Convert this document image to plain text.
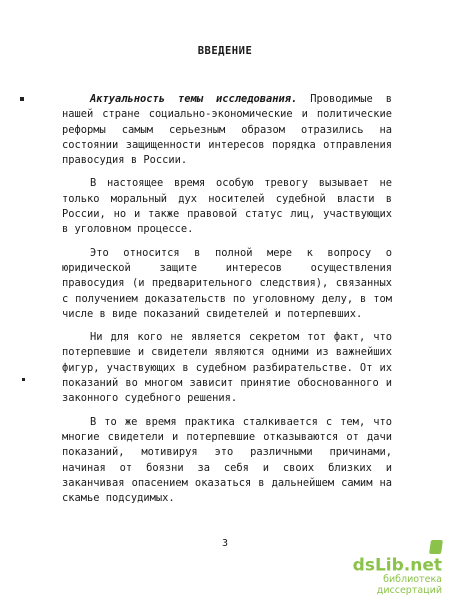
ВВЕДЕНИЕ

Актуальность темы исследования. Проводимые в нашей стране социально-экономические и политические реформы самым серьезным образом отразились на состоянии защищенности интересов порядка отправления правосудия в России.

В настоящее время особую тревогу вызывает не только моральный дух носителей судебной власти в России, но и также правовой статус лиц, участвующих в уголовном процессе.

Это относится в полной мере к вопросу о юридической защите интересов осуществления правосудия (и предварительного следствия), связанных с получением доказательств по уголовному делу, в том числе в виде показаний свидетелей и потерпевших.

Ни для кого не является секретом тот факт, что потерпевшие и свидетели являются одними из важнейших фигур, участвующих в судебном разбирательстве. От их показаний во многом зависит принятие обоснованного и законного судебного решения.

В то же время практика сталкивается с тем, что многие свидетели и потерпевшие отказываются от дачи показаний, мотивируя это различными причинами, начиная от боязни за себя и своих близких и заканчивая опасением оказаться в дальнейшем самим на скамье подсудимых.

3
dsLib.net
библиотека диссертаций
